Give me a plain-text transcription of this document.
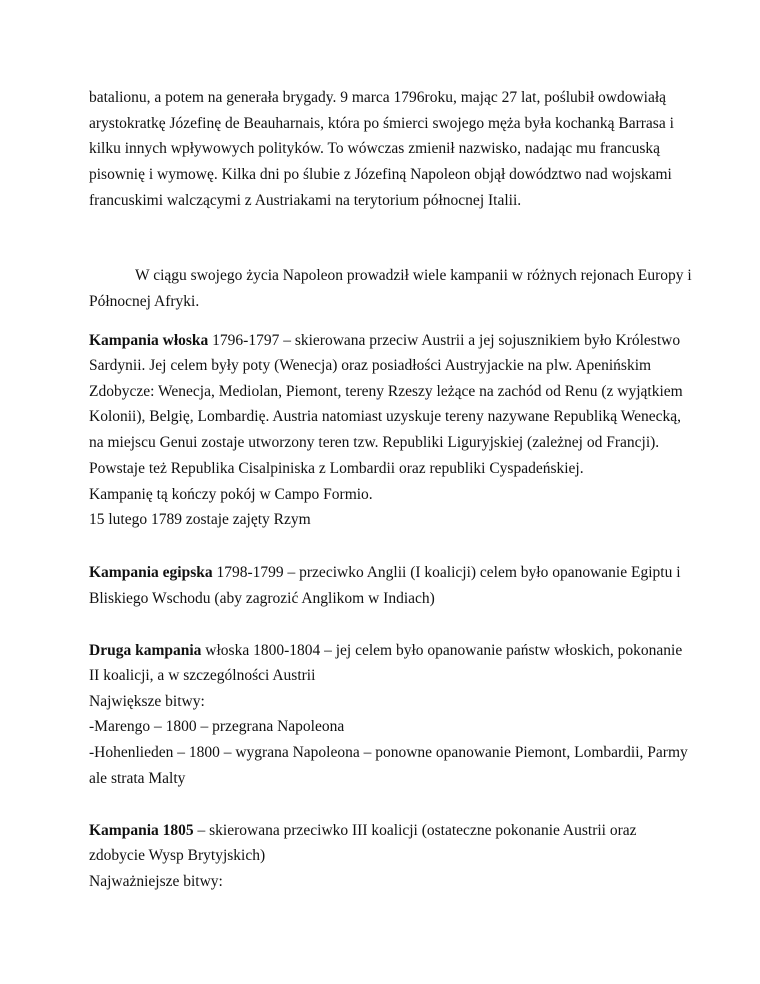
batalionu, a potem na generała brygady. 9 marca 1796roku, mając 27 lat, poślubił owdowiałą
arystokratkę Józefinę de Beauharnais, która po śmierci swojego męża była kochanką Barrasa i
kilku innych wpływowych polityków. To wówczas zmienił nazwisko, nadając mu francuską
pisownię i wymowę. Kilka dni po ślubie z Józefiną Napoleon objął dowództwo nad wojskami
francuskimi walczącymi z Austriakami na terytorium północnej Italii.
W ciągu swojego życia Napoleon prowadził wiele kampanii w różnych rejonach Europy i
Północnej Afryki.
Kampania włoska 1796-1797 – skierowana przeciw Austrii a jej sojusznikiem było Królestwo
Sardynii. Jej celem były poty (Wenecja) oraz posiadłości Austryjackie na plw. Apenińskim
Zdobycze: Wenecja, Mediolan, Piemont, tereny Rzeszy leżące na zachód od Renu (z wyjątkiem
Kolonii), Belgię, Lombardię. Austria natomiast uzyskuje tereny nazywane Republiką Wenecką,
na miejscu Genui zostaje utworzony teren tzw. Republiki Liguryjskiej (zależnej od Francji).
Powstaje też Republika Cisalpiniska z Lombardii oraz republiki Cyspadeńskiej.
Kampanię tą kończy pokój w Campo Formio.
15 lutego 1789 zostaje zajęty Rzym
Kampania egipska 1798-1799 – przeciwko Anglii (I koalicji) celem było opanowanie Egiptu i
Bliskiego Wschodu (aby zagrozić Anglikom w Indiach)
Druga kampania włoska 1800-1804 – jej celem było opanowanie państw włoskich, pokonanie
II koalicji, a w szczególności Austrii
Największe bitwy:
-Marengo – 1800 – przegrana Napoleona
-Hohenlieden – 1800 – wygrana Napoleona – ponowne opanowanie Piemont, Lombardii, Parmy
ale strata Malty
Kampania 1805 – skierowana przeciwko III koalicji (ostateczne pokonanie Austrii oraz
zdobycie Wysp Brytyjskich)
Najważniejsze bitwy:
